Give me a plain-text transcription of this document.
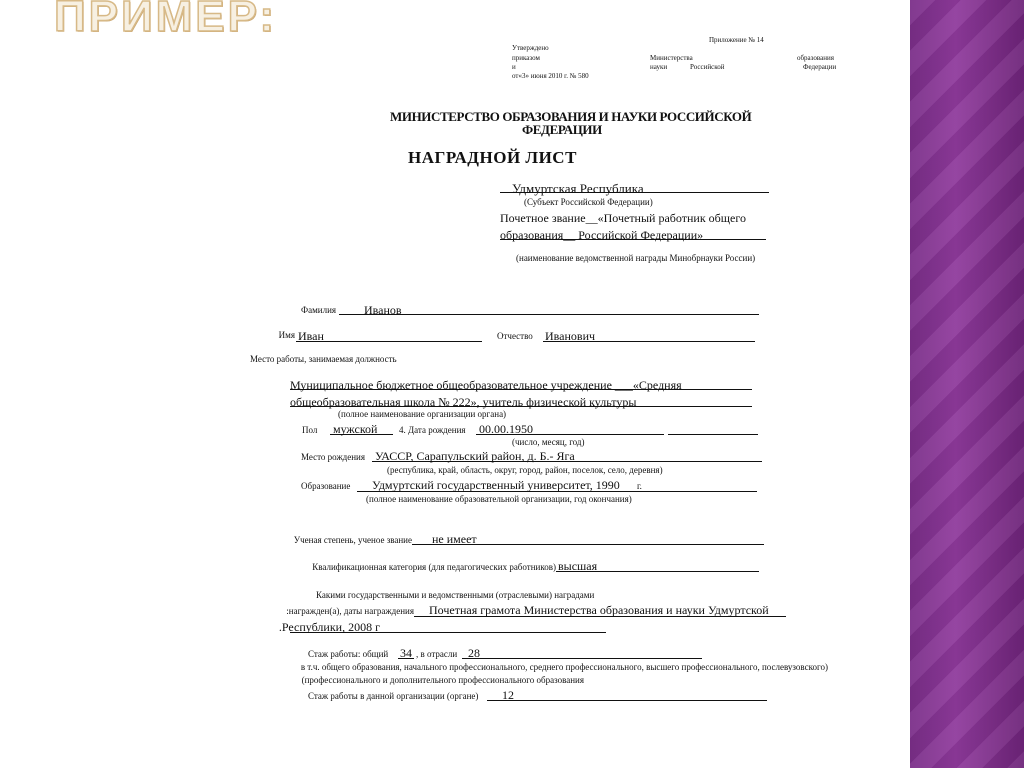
ПРИМЕР:	Приложение № 14
Утверждено
приказом	Министерства	образования
и	науки	Российской	Федерации
от«3» июня 2010 г. № 580
МИНИСТЕРСТВО ОБРАЗОВАНИЯ И НАУКИ РОССИЙСКОЙ
ФЕДЕРАЦИИ
НАГРАДНОЙ ЛИСТ
Удмуртская Республика
(Субъект Российской Федерации)
Почетное звание__«Почетный работник общего
образования__ Российской Федерации»
(наименование ведомственной награды Минобрнауки России)
Фамилия Иванов
Имя Иван	Отчество Иванович
Место работы, занимаемая должность
Муниципальное бюджетное общеобразовательное учреждение ___«Средняя
общеобразовательная школа № 222», учитель физической культуры
(полное наименование организации органа)
Пол мужской 4. Дата рождения 00.00.1950
(число, месяц, год)
Место рождения УАССР, Сарапульский район, д. Б.- Яга
(республика, край, область, округ, город, район, поселок, село, деревня)
Образование Удмуртский государственный университет, 1990 г.
(полное наименование образовательной организации, год окончания)
Ученая степень, ученое звание не имеет
Квалификационная категория (для педагогических работников) высшая
Какими государственными и ведомственными (отраслевыми) наградами
награжден(а), даты награждения: Почетная грамота Министерства образования и науки Удмуртской
Республики, 2008 г.
Стаж работы: общий 34 , в отрасли 28
(в т.ч. общего образования, начального профессионального, среднего профессионального, высшего профессионального, послевузовского
профессионального и дополнительного профессионального образования)
Стаж работы в данной организации (органе) 12
